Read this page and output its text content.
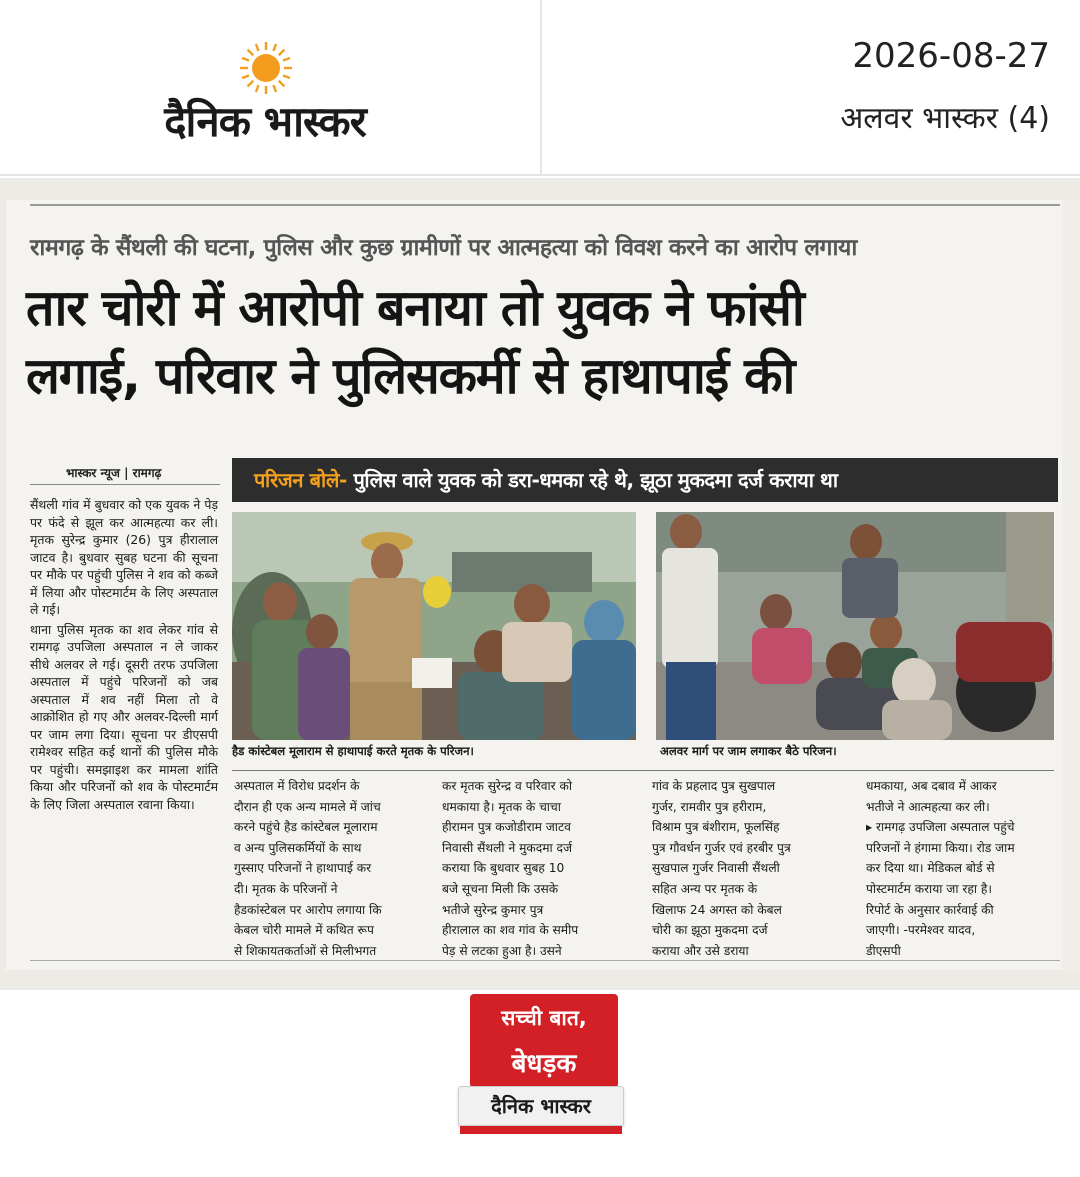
दैनिक भास्कर
2026-08-27
अलवर भास्कर (4)
रामगढ़ के सैंथली की घटना, पुलिस और कुछ ग्रामीणों पर आत्महत्या को विवश करने का आरोप लगाया
तार चोरी में आरोपी बनाया तो युवक ने फांसी
लगाई, परिवार ने पुलिसकर्मी से हाथापाई की
भास्कर न्यूज | रामगढ़	परिजन बोले- पुलिस वाले युवक को डरा-धमका रहे थे, झूठा मुकदमा दर्ज कराया था

सैंथली गांव में बुधवार को एक युवक ने पेड़ पर फंदे से झूल कर आत्महत्या कर ली। मृतक सुरेन्द्र कुमार (26) पुत्र हीरालाल जाटव है। बुधवार सुबह घटना की सूचना पर मौके पर पहुंची पुलिस ने शव को कब्जे में लिया और पोस्टमार्टम के लिए अस्पताल ले गई।

थाना पुलिस मृतक का शव लेकर गांव से रामगढ़ उपजिला अस्पताल न ले जाकर सीधे अलवर ले गई। दूसरी तरफ उपजिला अस्पताल में पहुंचे परिजनों को जब अस्पताल में शव नहीं मिला तो वे आक्रोशित हो गए और अलवर-दिल्ली मार्ग पर जाम लगा दिया। सूचना पर डीएसपी रामेश्वर सहित कई थानों की पुलिस मौके पर पहुंची। समझाइश कर मामला शांति किया और परिजनों को शव के पोस्टमार्टम के लिए जिला अस्पताल रवाना किया।

हैड कांस्टेबल मूलाराम से हाथापाई करते मृतक के परिजन।	अलवर मार्ग पर जाम लगाकर बैठे परिजन।

अस्पताल में विरोध प्रदर्शन के

दौरान ही एक अन्य मामले में जांच

करने पहुंचे हैड कांस्टेबल मूलाराम

व अन्य पुलिसकर्मियों के साथ

गुस्साए परिजनों ने हाथापाई कर

दी। मृतक के परिजनों ने

हैडकांस्टेबल पर आरोप लगाया कि

केबल चोरी मामले में कथित रूप

से शिकायतकर्ताओं से मिलीभगत

कर मृतक सुरेन्द्र व परिवार को

धमकाया है। मृतक के चाचा

हीरामन पुत्र कजोडीराम जाटव

निवासी सैंथली ने मुकदमा दर्ज

कराया कि बुधवार सुबह 10

बजे सूचना मिली कि उसके

भतीजे सुरेन्द्र कुमार पुत्र

हीरालाल का शव गांव के समीप

पेड़ से लटका हुआ है। उसने

गांव के प्रहलाद पुत्र सुखपाल

गुर्जर, रामवीर पुत्र हरीराम,

विश्राम पुत्र बंशीराम, फूलसिंह

पुत्र गौवर्धन गुर्जर एवं हरबीर पुत्र

सुखपाल गुर्जर निवासी सैंथली

सहित अन्य पर मृतक के

खिलाफ 24 अगस्त को केबल

चोरी का झूठा मुकदमा दर्ज

कराया और उसे डराया

धमकाया, अब दबाव में आकर

भतीजे ने आत्महत्या कर ली।

▸ रामगढ़ उपजिला अस्पताल पहुंचे

परिजनों ने हंगामा किया। रोड जाम

कर दिया था। मेडिकल बोर्ड से

पोस्टमार्टम कराया जा रहा है।

रिपोर्ट के अनुसार कार्रवाई की

जाएगी। -परमेश्वर यादव,

डीएसपी

सच्ची बात,
बेधड़क
दैनिक भास्कर
